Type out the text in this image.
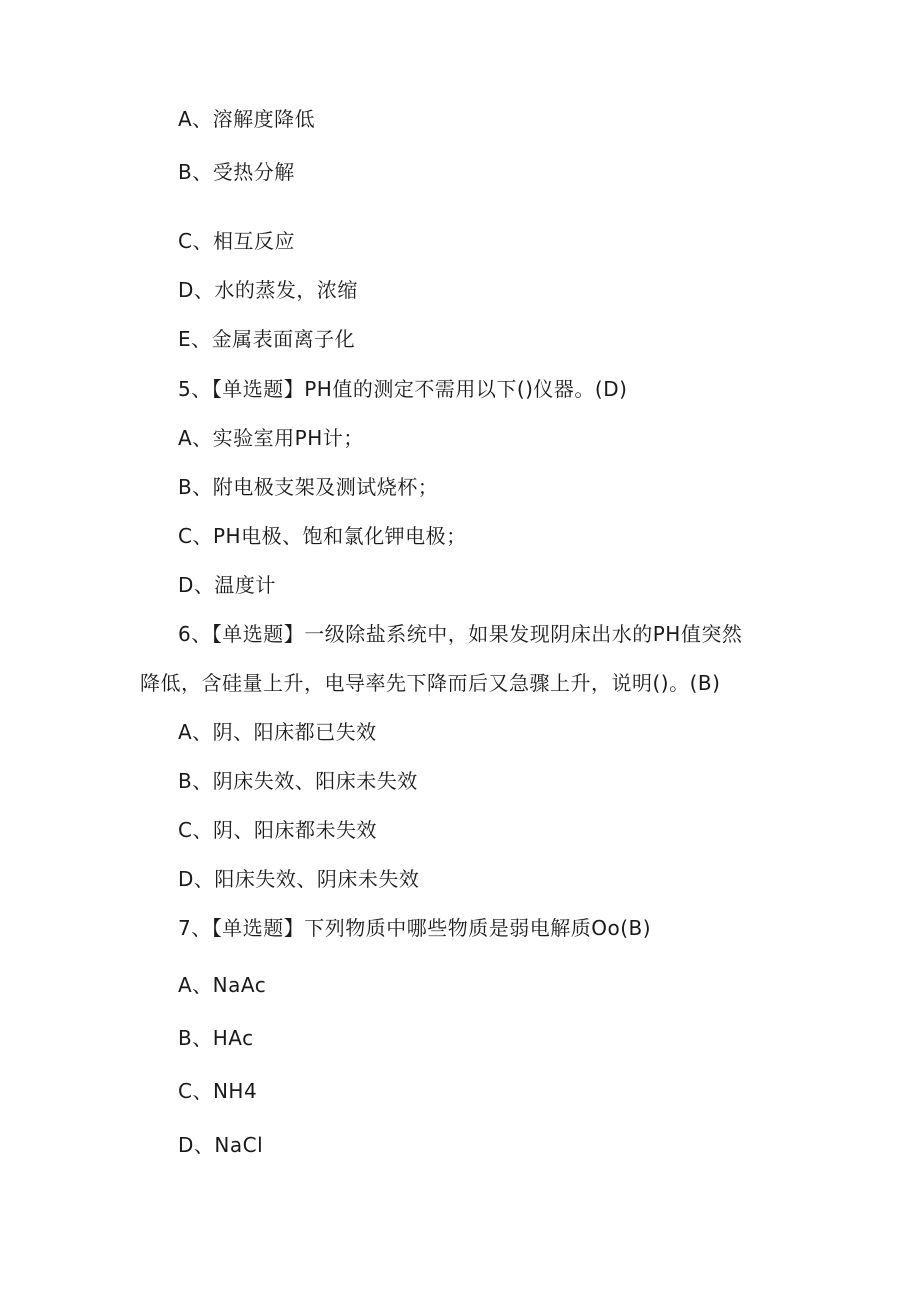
A、溶解度降低
B、受热分解
C、相互反应
D、水的蒸发，浓缩
E、金属表面离子化
5、【单选题】PH值的测定不需用以下()仪器。(D)
A、实验室用PH计；
B、附电极支架及测试烧杯；
C、PH电极、饱和氯化钾电极；
D、温度计
6、【单选题】一级除盐系统中，如果发现阴床出水的PH值突然
降低，含硅量上升，电导率先下降而后又急骤上升，说明()。(B)
A、阴、阳床都已失效
B、阴床失效、阳床未失效
C、阴、阳床都未失效
D、阳床失效、阴床未失效
7、【单选题】下列物质中哪些物质是弱电解质Oo(B)
A、NaAc
B、HAc
C、NH4
D、NaCl
